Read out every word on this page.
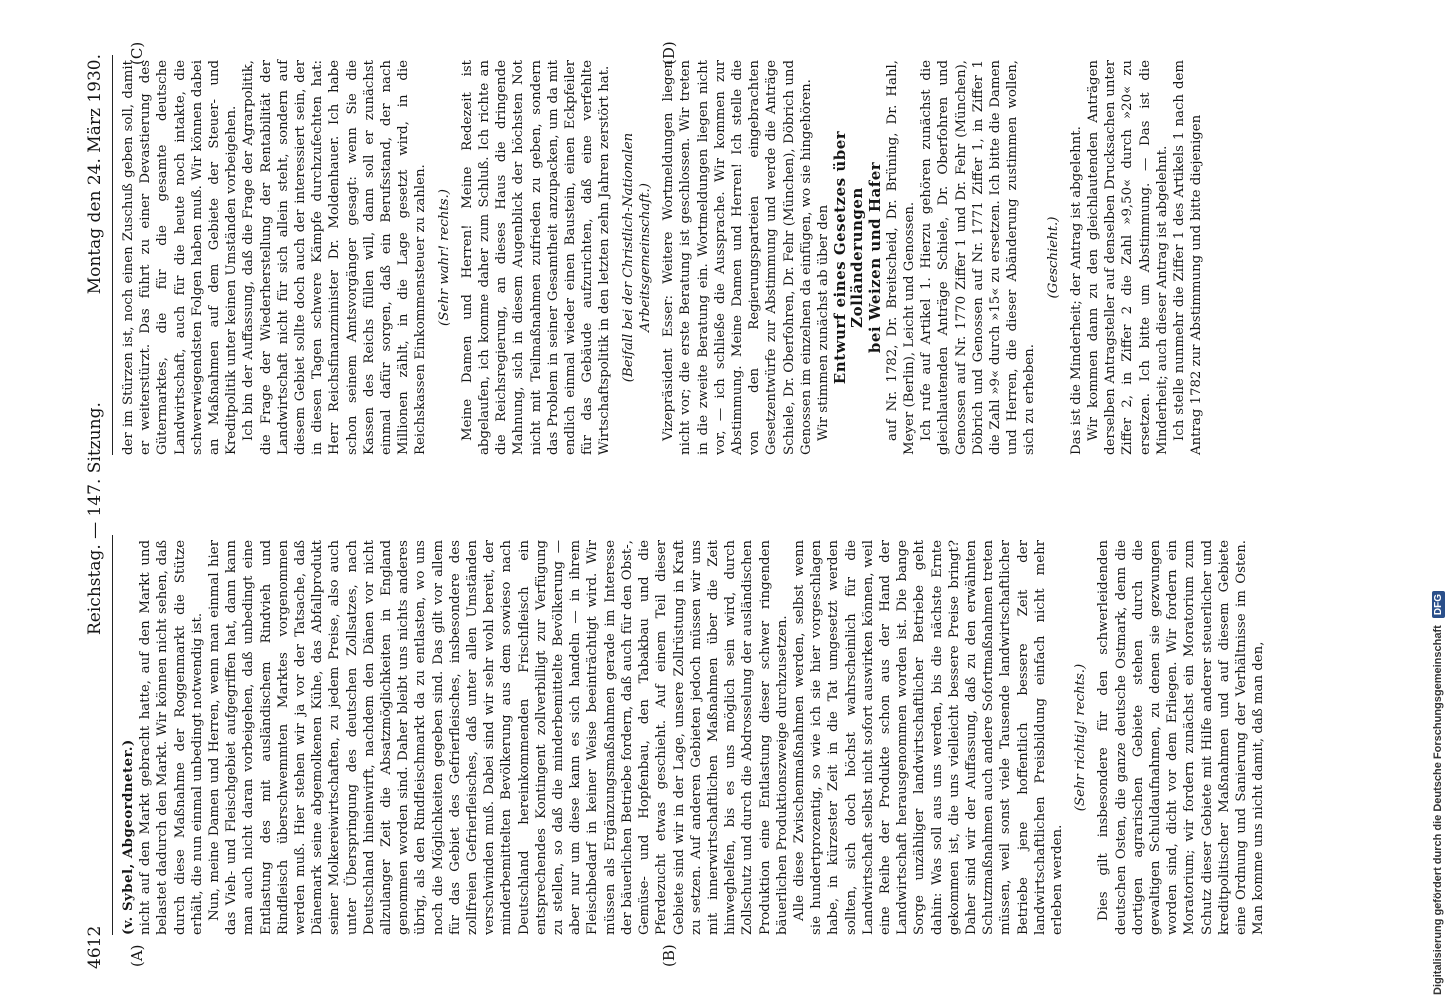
4612
Reichstag. — 147. Sitzung.
Montag den 24. März 1930.
(A)	(B)
(C)	(D)

(v. Sybel, Abgeordneter.) nicht auf den Markt gebracht hatte, auf den Markt und belastet dadurch den Markt. Wir können nicht sehen, daß durch diese Maßnahme der Roggenmarkt die Stütze erhält, die nun einmal unbedingt notwendig ist. Nun, meine Damen und Herren, wenn man einmal hier das Vieh- und Fleischgebiet aufgegriffen hat, dann kann man auch nicht daran vorbeigehen, daß unbedingt eine Entlastung des mit ausländischem Rindvieh und Rindfleisch überschwemmten Marktes vorgenommen werden muß. Hier stehen wir ja vor der Tatsache, daß Dänemark seine abgemolkenen Kühe, das Abfallprodukt seiner Molkereiwirtschaften, zu jedem Preise, also auch unter Überspringung des deutschen Zollsatzes, nach Deutschland hineinwirft, nachdem den Dänen vor nicht allzulanger Zeit die Absatzmöglichkeiten in England genommen worden sind. Daher bleibt uns nichts anderes übrig, als den Rindfleischmarkt da zu entlasten, wo uns noch die Möglichkeiten gegeben sind. Das gilt vor allem für das Gebiet des Gefrierfleisches, insbesondere des zollfreien Gefrierfleisches, daß unter allen Umständen verschwinden muß. Dabei sind wir sehr wohl bereit, der minderbemittelten Bevölkerung aus dem sowieso nach Deutschland hereinkommenden Frischfleisch ein entsprechendes Kontingent zollverbilligt zur Verfügung zu stellen, so daß die minderbemittelte Bevölkerung — aber nur um diese kann es sich handeln — in ihrem Fleischbedarf in keiner Weise beeinträchtigt wird. Wir müssen als Ergänzungsmaßnahmen gerade im Interesse der bäuerlichen Betriebe fordern, daß auch für den Obst-, Gemüse- und Hopfenbau, den Tabakbau und die Pferdezucht etwas geschieht. Auf einem Teil dieser Gebiete sind wir in der Lage, unsere Zollrüstung in Kraft zu setzen. Auf anderen Gebieten jedoch müssen wir uns mit innerwirtschaftlichen Maßnahmen über die Zeit hinweghelfen, bis es uns möglich sein wird, durch Zollschutz und durch die Abdrosselung der ausländischen Produktion eine Entlastung dieser schwer ringenden bäuerlichen Produktionszweige durchzusetzen. Alle diese Zwischenmaßnahmen werden, selbst wenn sie hundertprozentig, so wie ich sie hier vorgeschlagen habe, in kürzester Zeit in die Tat umgesetzt werden sollten, sich doch höchst wahrscheinlich für die Landwirtschaft selbst nicht sofort auswirken können, weil eine Reihe der Produkte schon aus der Hand der Landwirtschaft herausgenommen worden ist. Die bange Sorge unzähliger landwirtschaftlicher Betriebe geht dahin: Was soll aus uns werden, bis die nächste Ernte gekommen ist, die uns vielleicht bessere Preise bringt? Daher sind wir der Auffassung, daß zu den erwähnten Schutzmaßnahmen auch andere Sofortmaßnahmen treten müssen, weil sonst viele Tausende landwirtschaftlicher Betriebe jene hoffentlich bessere Zeit der landwirtschaftlichen Preisbildung einfach nicht mehr erleben werden.

(Sehr richtig! rechts.) Dies gilt insbesondere für den schwerleidenden deutschen Osten, die ganze deutsche Ostmark, denn die dortigen agrarischen Gebiete stehen durch die gewaltigen Schuldaufnahmen, zu denen sie gezwungen worden sind, dicht vor dem Erliegen. Wir fordern ein Moratorium; wir fordern zunächst ein Moratorium zum Schutz dieser Gebiete mit Hilfe anderer steuerlicher und kreditpolitischer Maßnahmen und auf diesem Gebiete eine Ordnung und Sanierung der Verhältnisse im Osten. Man komme uns nicht damit, daß man den,

der im Stürzen ist, noch einen Zuschuß geben soll, damit er weiterstürzt. Das führt zu einer Devastierung des Gütermarktes, die für die gesamte deutsche Landwirtschaft, auch für die heute noch intakte, die schwerwiegendsten Folgen haben muß. Wir können dabei an Maßnahmen auf dem Gebiete der Steuer- und Kreditpolitik unter keinen Umständen vorbeigehen. Ich bin der Auffassung, daß die Frage der Agrarpolitik, die Frage der Wiederherstellung der Rentabilität der Landwirtschaft nicht für sich allein steht, sondern auf diesem Gebiet sollte doch auch der interessiert sein, der in diesen Tagen schwere Kämpfe durchzufechten hat: Herr Reichsfinanzminister Dr. Moldenhauer. Ich habe schon seinem Amtsvorgänger gesagt: wenn Sie die Kassen des Reichs füllen will, dann soll er zunächst einmal dafür sorgen, daß ein Berufsstand, der nach Millionen zählt, in die Lage gesetzt wird, in die Reichskassen Einkommensteuer zu zahlen. (Sehr wahr! rechts.) Meine Damen und Herren! Meine Redezeit ist abgelaufen, ich komme daher zum Schluß. Ich richte an die Reichsregierung, an dieses Haus die dringende Mahnung, sich in diesem Augenblick der höchsten Not nicht mit Teilmaßnahmen zufrieden zu geben, sondern das Problem in seiner Gesamtheit anzupacken, um da mit endlich einmal wieder einen Baustein, einen Eckpfeiler für das Gebäude aufzurichten, daß eine verfehlte Wirtschaftspolitik in den letzten zehn Jahren zerstört hat. (Beifall bei der Christlich-Nationalen Arbeitsgemeinschaft.) Vizepräsident Esser: Weitere Wortmeldungen liegen nicht vor; die erste Beratung ist geschlossen. Wir treten in die zweite Beratung ein. Wortmeldungen liegen nicht vor, — ich schließe die Aussprache. Wir kommen zur Abstimmung. Meine Damen und Herren! Ich stelle die von den Regierungsparteien eingebrachten Gesetzentwürfe zur Abstimmung und werde die Anträge Schiele, Dr. Oberfohren, Dr. Fehr (München), Döbrich und Genossen im einzelnen da einfügen, wo sie hingehören. Wir stimmen zunächst ab über den Entwurf eines Gesetzes über Zolländerungen bei Weizen und Hafer auf Nr. 1782, Dr. Breitscheid, Dr. Brüning, Dr. Hahl, Meyer (Berlin), Leicht und Genossen. Ich rufe auf Artikel 1. Hierzu gehören zunächst die gleichlautenden Anträge Schiele, Dr. Oberfohren und Genossen auf Nr. 1770 Ziffer 1 und Dr. Fehr (München), Döbrich und Genossen auf Nr. 1771 Ziffer 1, in Ziffer 1 die Zahl »9« durch »15« zu ersetzen. Ich bitte die Damen und Herren, die dieser Abänderung zustimmen wollen, sich zu erheben.

(Geschieht.) Das ist die Minderheit; der Antrag ist abgelehnt. Wir kommen dann zu den gleichlautenden Anträgen derselben Antragsteller auf denselben Drucksachen unter Ziffer 2, in Ziffer 2 die Zahl »9,50« durch »20« zu ersetzen. Ich bitte um Abstimmung. — Das ist die Minderheit; auch dieser Antrag ist abgelehnt. Ich stelle nunmehr die Ziffer 1 des Artikels 1 nach dem Antrag 1782 zur Abstimmung und bitte diejenigen

Digitalisierung gefördert durch die Deutsche Forschungsgemeinschaft DFG
